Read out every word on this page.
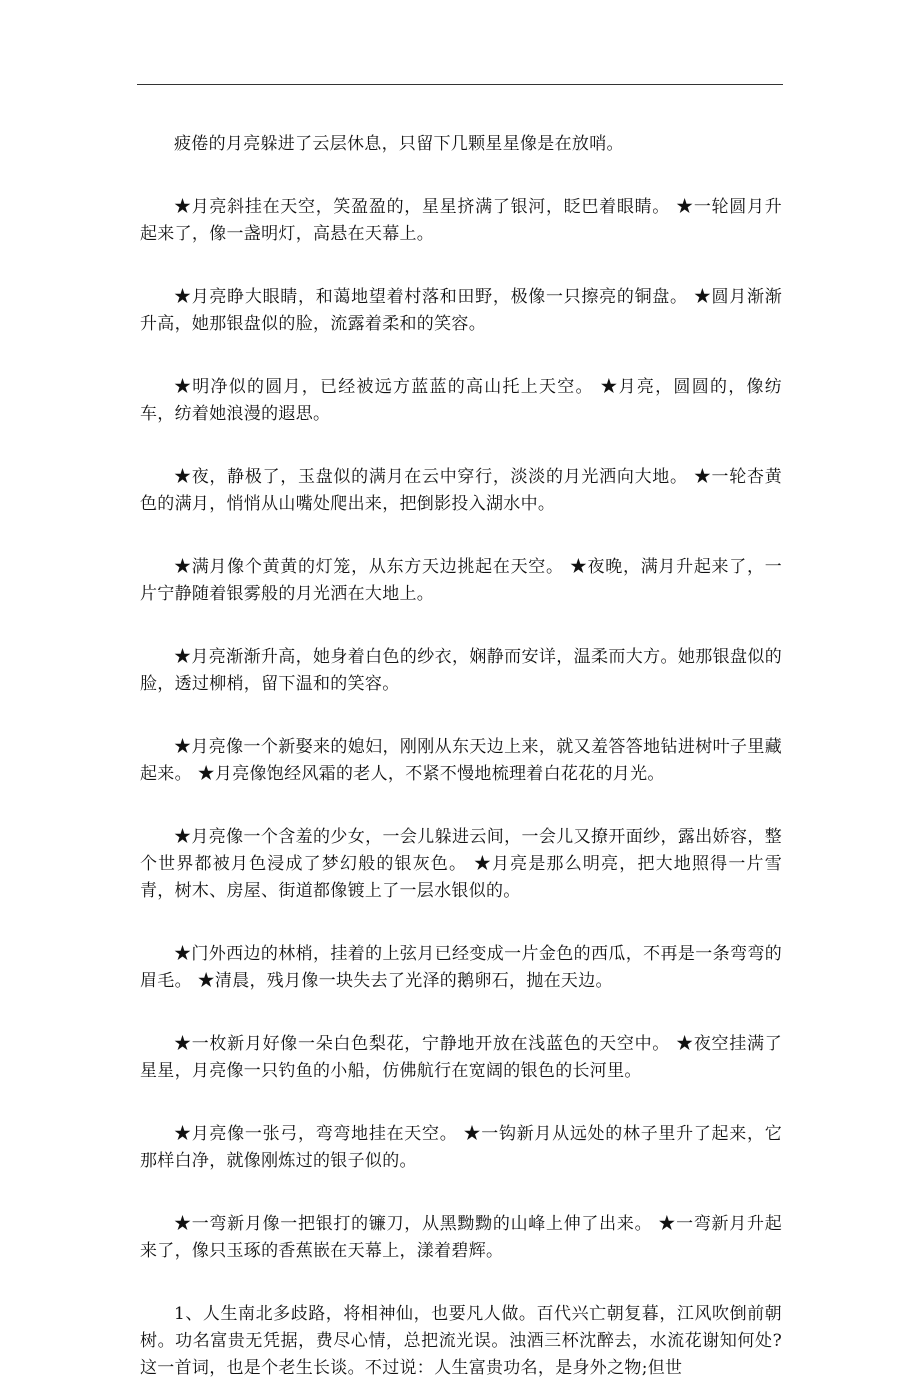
疲倦的月亮躲进了云层休息，只留下几颗星星像是在放哨。

★月亮斜挂在天空，笑盈盈的，星星挤满了银河，眨巴着眼睛。 ★一轮圆月升起来了，像一盏明灯，高悬在天幕上。

★月亮睁大眼睛，和蔼地望着村落和田野，极像一只擦亮的铜盘。 ★圆月渐渐升高，她那银盘似的脸，流露着柔和的笑容。

★明净似的圆月，已经被远方蓝蓝的高山托上天空。 ★月亮，圆圆的，像纺车，纺着她浪漫的遐思。

★夜，静极了，玉盘似的满月在云中穿行，淡淡的月光洒向大地。 ★一轮杏黄色的满月，悄悄从山嘴处爬出来，把倒影投入湖水中。

★满月像个黄黄的灯笼，从东方天边挑起在天空。 ★夜晚，满月升起来了，一片宁静随着银雾般的月光洒在大地上。

★月亮渐渐升高，她身着白色的纱衣，娴静而安详，温柔而大方。她那银盘似的脸，透过柳梢，留下温和的笑容。

★月亮像一个新娶来的媳妇，刚刚从东天边上来，就又羞答答地钻进树叶子里藏起来。 ★月亮像饱经风霜的老人，不紧不慢地梳理着白花花的月光。

★月亮像一个含羞的少女，一会儿躲进云间，一会儿又撩开面纱，露出娇容，整个世界都被月色浸成了梦幻般的银灰色。 ★月亮是那么明亮，把大地照得一片雪青，树木、房屋、街道都像镀上了一层水银似的。

★门外西边的林梢，挂着的上弦月已经变成一片金色的西瓜，不再是一条弯弯的眉毛。 ★清晨，残月像一块失去了光泽的鹅卵石，抛在天边。

★一枚新月好像一朵白色梨花，宁静地开放在浅蓝色的天空中。 ★夜空挂满了星星，月亮像一只钓鱼的小船，仿佛航行在宽阔的银色的长河里。

★月亮像一张弓，弯弯地挂在天空。 ★一钩新月从远处的林子里升了起来，它那样白净，就像刚炼过的银子似的。

★一弯新月像一把银打的镰刀，从黑黝黝的山峰上伸了出来。 ★一弯新月升起来了，像只玉琢的香蕉嵌在天幕上，漾着碧辉。

1、人生南北多歧路，将相神仙，也要凡人做。百代兴亡朝复暮，江风吹倒前朝树。功名富贵无凭据，费尽心情，总把流光误。浊酒三杯沈醉去，水流花谢知何处?这一首词，也是个老生长谈。不过说：人生富贵功名，是身外之物;但世
